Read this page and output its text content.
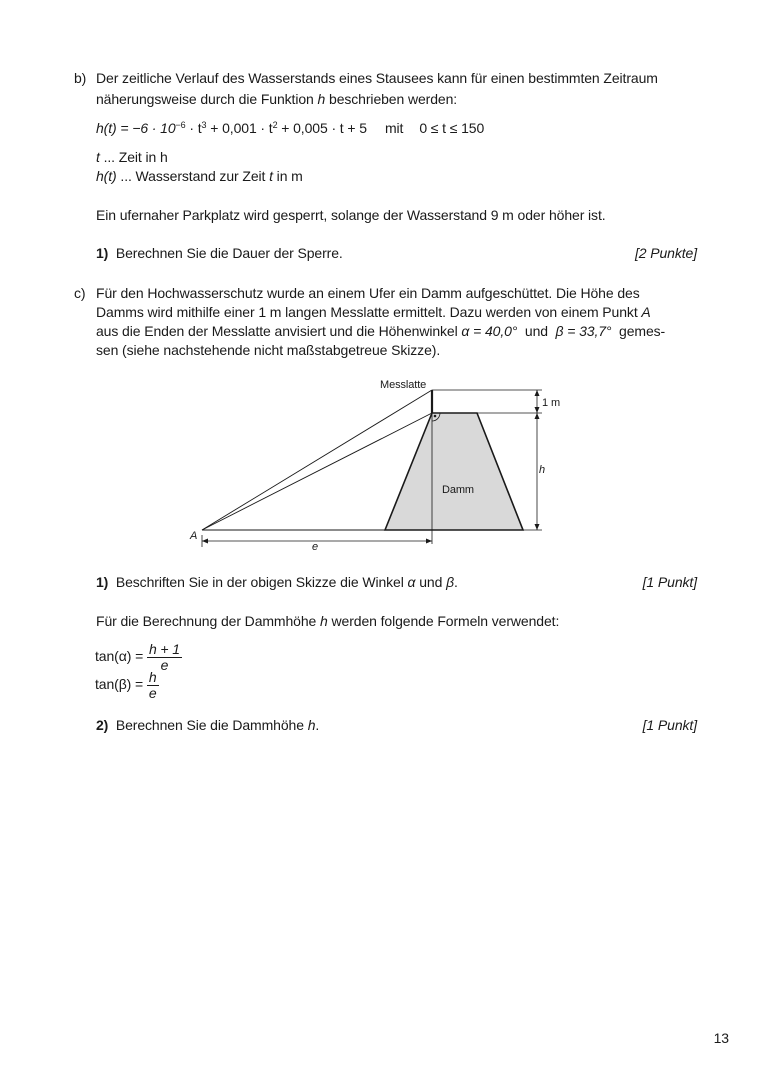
b) Der zeitliche Verlauf des Wasserstands eines Stausees kann für einen bestimmten Zeitraum
näherungsweise durch die Funktion h beschrieben werden:
$h(t) = -6 \cdot 10^{-6} \cdot t^3 + 0,001 \cdot t^2 + 0,005 \cdot t + 5$ mit 0 ≤ t ≤ 150
t ... Zeit in h
h(t) ... Wasserstand zur Zeit t in m
Ein ufernaher Parkplatz wird gesperrt, solange der Wasserstand 9 m oder höher ist.
1) Berechnen Sie die Dauer der Sperre.	[2 Punkte]
c) Für den Hochwasserschutz wurde an einem Ufer ein Damm aufgeschüttet. Die Höhe des
Damms wird mithilfe einer 1 m langen Messlatte ermittelt. Dazu werden von einem Punkt A
aus die Enden der Messlatte anvisiert und die Höhenwinkel α = 40,0°  und  β = 33,7°  gemes-
sen (siehe nachstehende nicht maßstabgetreue Skizze).
Messlatte
1 m
h
Damm
A
e
1) Beschriften Sie in der obigen Skizze die Winkel α und β.	[1 Punkt]
Für die Berechnung der Dammhöhe h werden folgende Formeln verwendet:
$\tan(\alpha) = \frac{h + 1}{e}$
$\tan(\beta) = \frac{h}{e}$
2) Berechnen Sie die Dammhöhe h.	[1 Punkt]
13
